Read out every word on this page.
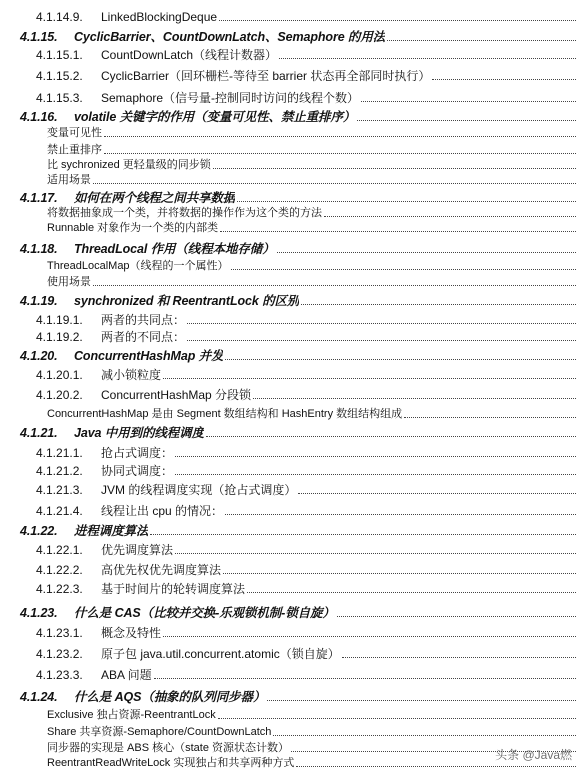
4.1.14.9. LinkedBlockingDeque
4.1.15.	CyclicBarrier、CountDownLatch、Semaphore 的用法
4.1.15.1. CountDownLatch（线程计数器）
4.1.15.2. CyclicBarrier（回环栅栏-等待至 barrier 状态再全部同时执行）
4.1.15.3. Semaphore（信号量-控制同时访问的线程个数）
4.1.16.	volatile 关键字的作用（变量可见性、禁止重排序）
变量可见性
禁止重排序
比 sychronized 更轻量级的同步锁
适用场景
4.1.17.	如何在两个线程之间共享数据
将数据抽象成一个类，并将数据的操作作为这个类的方法
Runnable 对象作为一个类的内部类
4.1.18.	ThreadLocal 作用（线程本地存储）
ThreadLocalMap（线程的一个属性）
使用场景
4.1.19.	synchronized 和 ReentrantLock 的区别
4.1.19.1. 两者的共同点：
4.1.19.2. 两者的不同点：
4.1.20.	ConcurrentHashMap 并发
4.1.20.1. 减小锁粒度
4.1.20.2. ConcurrentHashMap 分段锁
ConcurrentHashMap 是由 Segment 数组结构和 HashEntry 数组结构组成
4.1.21.	Java 中用到的线程调度
4.1.21.1. 抢占式调度：
4.1.21.2. 协同式调度：
4.1.21.3. JVM 的线程调度实现（抢占式调度）
4.1.21.4. 线程让出 cpu 的情况：
4.1.22.	进程调度算法
4.1.22.1. 优先调度算法
4.1.22.2. 高优先权优先调度算法
4.1.22.3. 基于时间片的轮转调度算法
4.1.23.	什么是 CAS（比较并交换-乐观锁机制-锁自旋）
4.1.23.1. 概念及特性
4.1.23.2. 原子包 java.util.concurrent.atomic（锁自旋）
4.1.23.3. ABA 问题
4.1.24.	什么是 AQS（抽象的队列同步器）
Exclusive 独占资源-ReentrantLock
Share 共享资源-Semaphore/CountDownLatch
同步器的实现是 ABS 核心（state 资源状态计数）
ReentrantReadWriteLock 实现独占和共享两种方式
头条 @Java燃
